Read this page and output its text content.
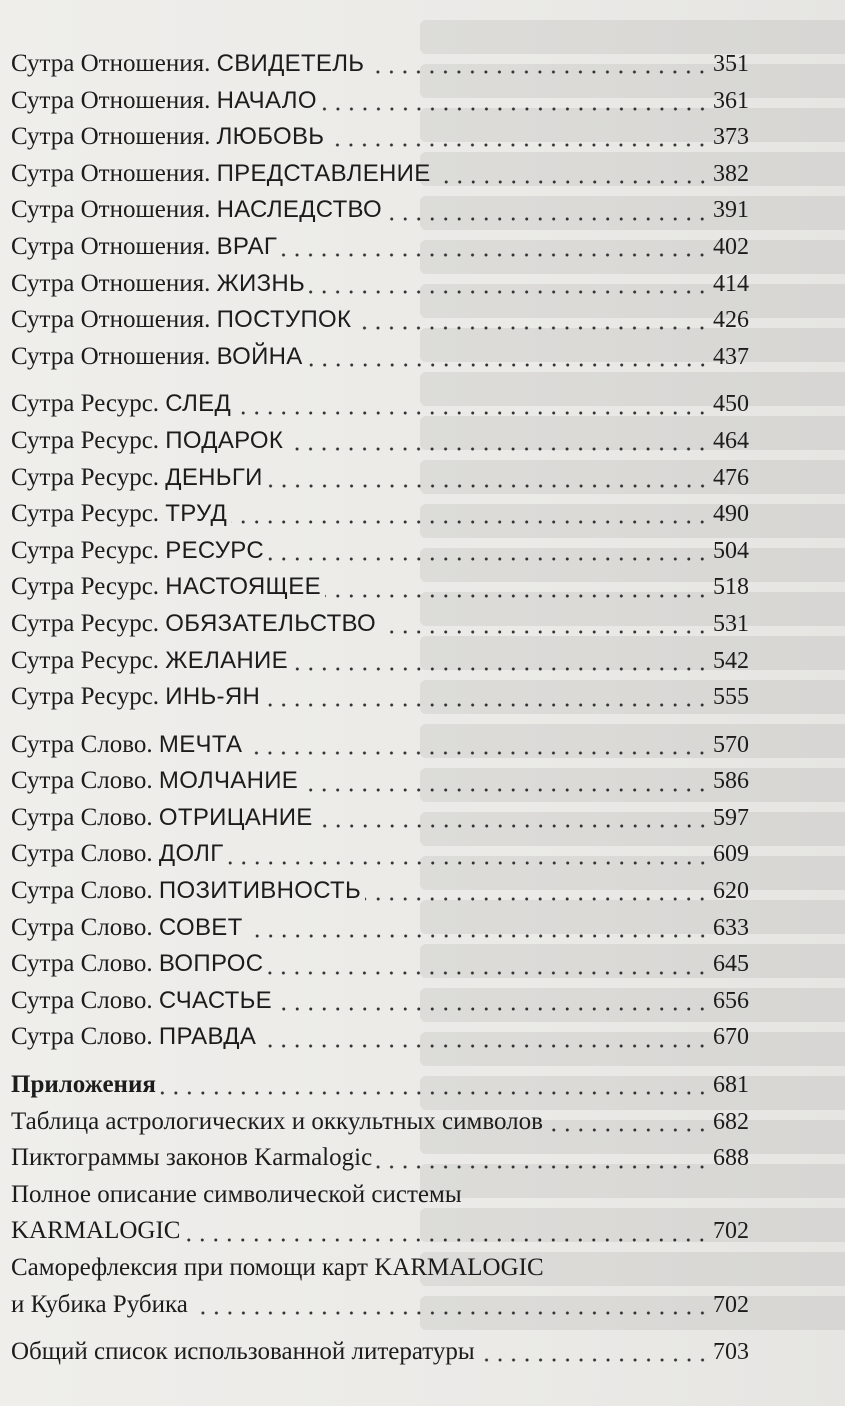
Сутра Отношения. СВИДЕТЕЛЬ	351
Сутра Отношения. НАЧАЛО	361
Сутра Отношения. ЛЮБОВЬ	373
Сутра Отношения. ПРЕДСТАВЛЕНИЕ	382
Сутра Отношения. НАСЛЕДСТВО	391
Сутра Отношения. ВРАГ	402
Сутра Отношения. ЖИЗНЬ	414
Сутра Отношения. ПОСТУПОК	426
Сутра Отношения. ВОЙНА	437
Сутра Ресурс. СЛЕД	450
Сутра Ресурс. ПОДАРОК	464
Сутра Ресурс. ДЕНЬГИ	476
Сутра Ресурс. ТРУД	490
Сутра Ресурс. РЕСУРС	504
Сутра Ресурс. НАСТОЯЩЕЕ	518
Сутра Ресурс. ОБЯЗАТЕЛЬСТВО	531
Сутра Ресурс. ЖЕЛАНИЕ	542
Сутра Ресурс. ИНЬ-ЯН	555
Сутра Слово. МЕЧТА	570
Сутра Слово. МОЛЧАНИЕ	586
Сутра Слово. ОТРИЦАНИЕ	597
Сутра Слово. ДОЛГ	609
Сутра Слово. ПОЗИТИВНОСТЬ	620
Сутра Слово. СОВЕТ	633
Сутра Слово. ВОПРОС	645
Сутра Слово. СЧАСТЬЕ	656
Сутра Слово. ПРАВДА	670
Приложения	681
Таблица астрологических и оккультных символов	682
Пиктограммы законов Karmalogic	688
Полное описание символической системы
KARMALOGIC	702
Саморефлексия при помощи карт KARMALOGIC
и Кубика Рубика	702
Общий список использованной литературы	703
